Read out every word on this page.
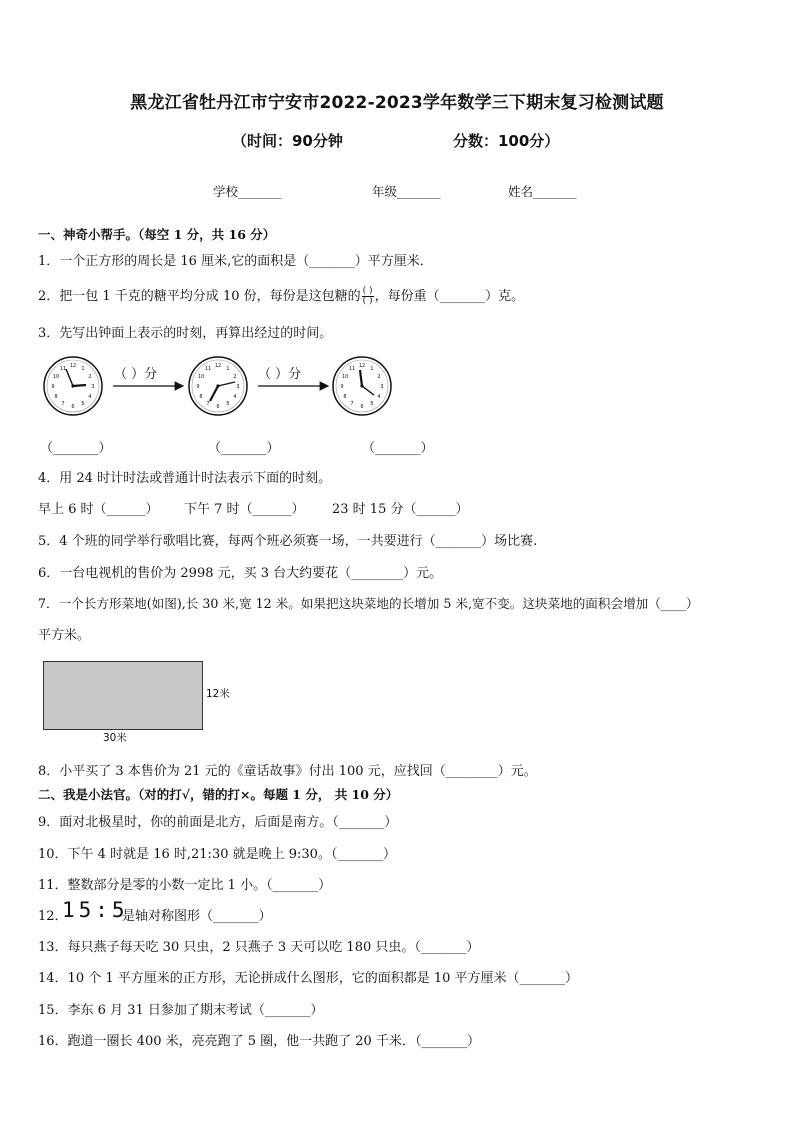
黑龙江省牡丹江市宁安市2022-2023学年数学三下期末复习检测试题
（时间：90分钟	分数：100分）
学校_______	年级_______	姓名_______
一、神奇小帮手。（每空 1 分，共 16 分）
1．一个正方形的周长是 16 厘米,它的面积是（_______）平方厘米．
2．把一包 1 千克的糖平均分成 10 份，每份是这包糖的 $\frac{( )}{( )}$ ，每份重（_______）克。
3．先写出钟面上表示的时刻，再算出经过的时间。
12 1
2
3
4
5
6
7
8
9
10
11	12 1
2
3
4
5
6
7
8
9
10
11	12 1
2
3
4
5
6
7
8
9
10
11
（ ）分	（ ）分
（_______）	（_______）	（_______）
4．用 24 时计时法或普通计时法表示下面的时刻。
早上 6 时（______） 下午 7 时（______） 23 时 15 分（______）
5．4 个班的同学举行歌唱比赛，每两个班必须赛一场，一共要进行（_______）场比赛.
6．一台电视机的售价为 2998 元，买 3 台大约要花（________）元。
7．一个长方形菜地(如图),长 30 米,宽 12 米。如果把这块菜地的长增加 5 米,宽不变。这块菜地的面积会增加（____）
平方米。
12米
30米
8．小平买了 3 本售价为 21 元的《童话故事》付出 100 元，应找回（________）元。
二、我是小法官。（对的打√，错的打×。每题 1 分， 共 10 分）
9．面对北极星时，你的前面是北方，后面是南方。（_______）
10．下午 4 时就是 16 时,21:30 就是晚上 9:30。（_______）
11．整数部分是零的小数一定比 1 小。（_______）
12．
15:5
是轴对称图形（_______）
13．每只燕子每天吃 30 只虫，2 只燕子 3 天可以吃 180 只虫。（_______）
14．10 个 1 平方厘米的正方形，无论拼成什么图形，它的面积都是 10 平方厘米（_______）
15．李东 6 月 31 日参加了期末考试（_______）
16．跑道一圈长 400 米，亮亮跑了 5 圈，他一共跑了 20 千米．（_______）
